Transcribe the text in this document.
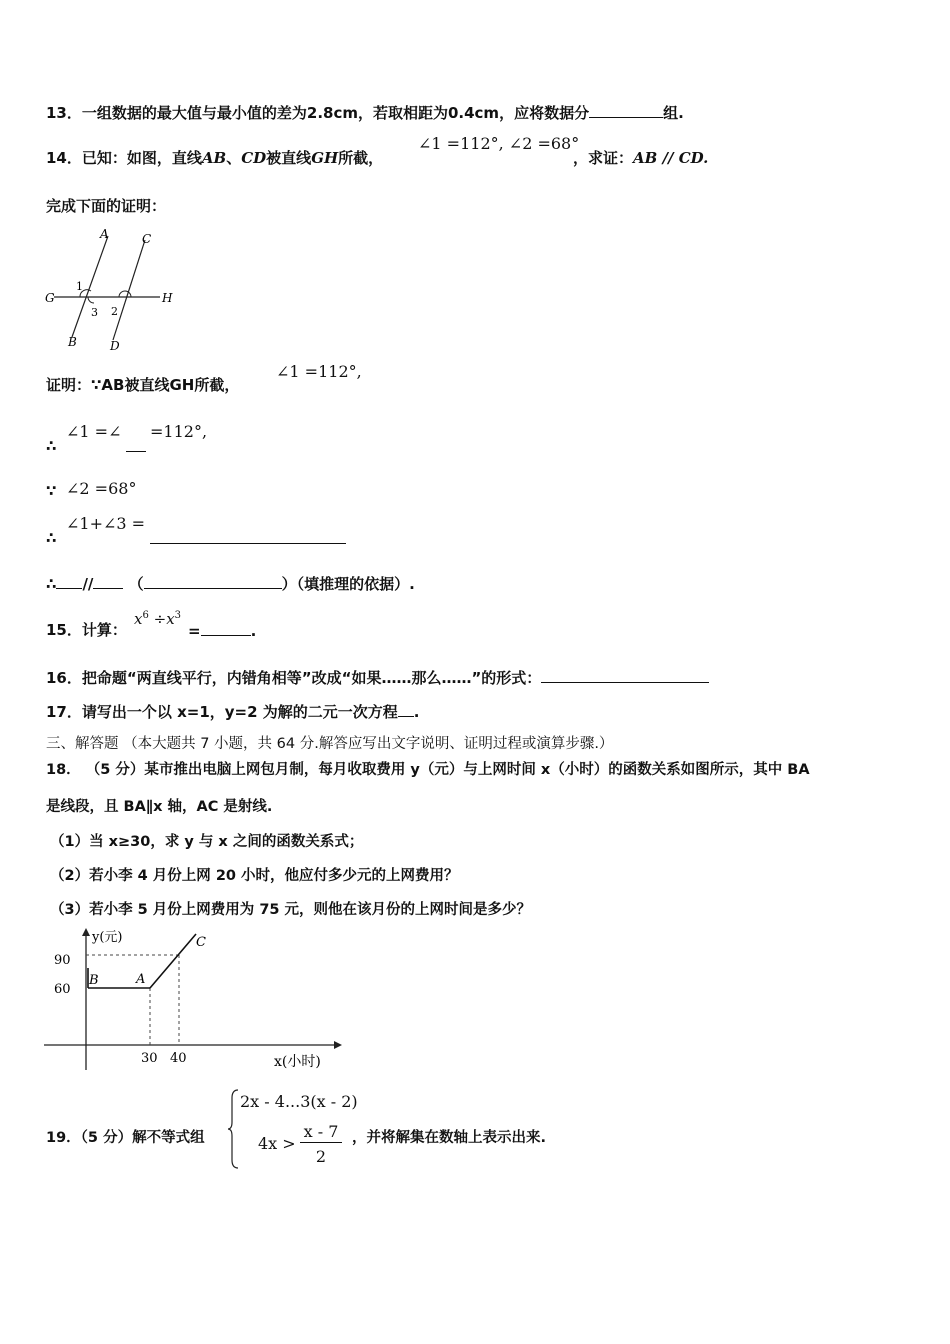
13．一组数据的最大值与最小值的差为2.8cm，若取相距为0.4cm，应将数据分	组.
14．已知：如图，直线AB、CD被直线GH所截，
∠1 =112°, ∠2 =68°
，求证：AB // CD.
完成下面的证明：
A	C
G	H
B	D
1
3 2
证明：∵AB被直线GH所截，
∠1 =112°,
∴
∠1 =∠ =112°,
∵ ∠2 =68°
∴
∠1+∠3 =
∴ // （	）（填推理的依据）.
15．计算：
$x^6 \div x^3$
=	.
16．把命题“两直线平行，内错角相等”改成“如果……那么……”的形式：
17．请写出一个以 x=1，y=2 为解的二元一次方程 .
三、解答题 （本大题共 7 小题，共 64 分.解答应写出文字说明、证明过程或演算步骤.）
18． （5 分）某市推出电脑上网包月制，每月收取费用 y（元）与上网时间 x（小时）的函数关系如图所示，其中 BA
是线段，且 BA∥x 轴，AC 是射线.
（1）当 x≥30，求 y 与 x 之间的函数关系式；
（2）若小李 4 月份上网 20 小时，他应付多少元的上网费用？
（3）若小李 5 月份上网费用为 75 元，则他在该月份的上网时间是多少？
y(元)
x(小时)
90
60
30 40
B	A
C
19．（5 分）解不等式组
2x - 4...3(x - 2)
4x >
x - 7
2
，并将解集在数轴上表示出来.
